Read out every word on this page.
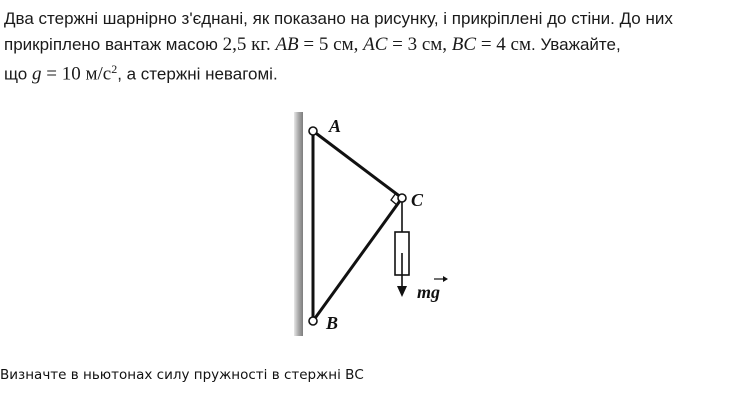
Два стержні шарнірно з'єднані, як показано на рисунку, і прикріплені до стіни. До них
прикріплено вантаж масою 2,5 кг. AB = 5 см, AC = 3 см, BC = 4 см. Уважайте,
що g = 10 $м/с^2$, а стержні невагомі.
A
B
C
mg

Визначте в ньютонах силу пружності в стержні ВС
